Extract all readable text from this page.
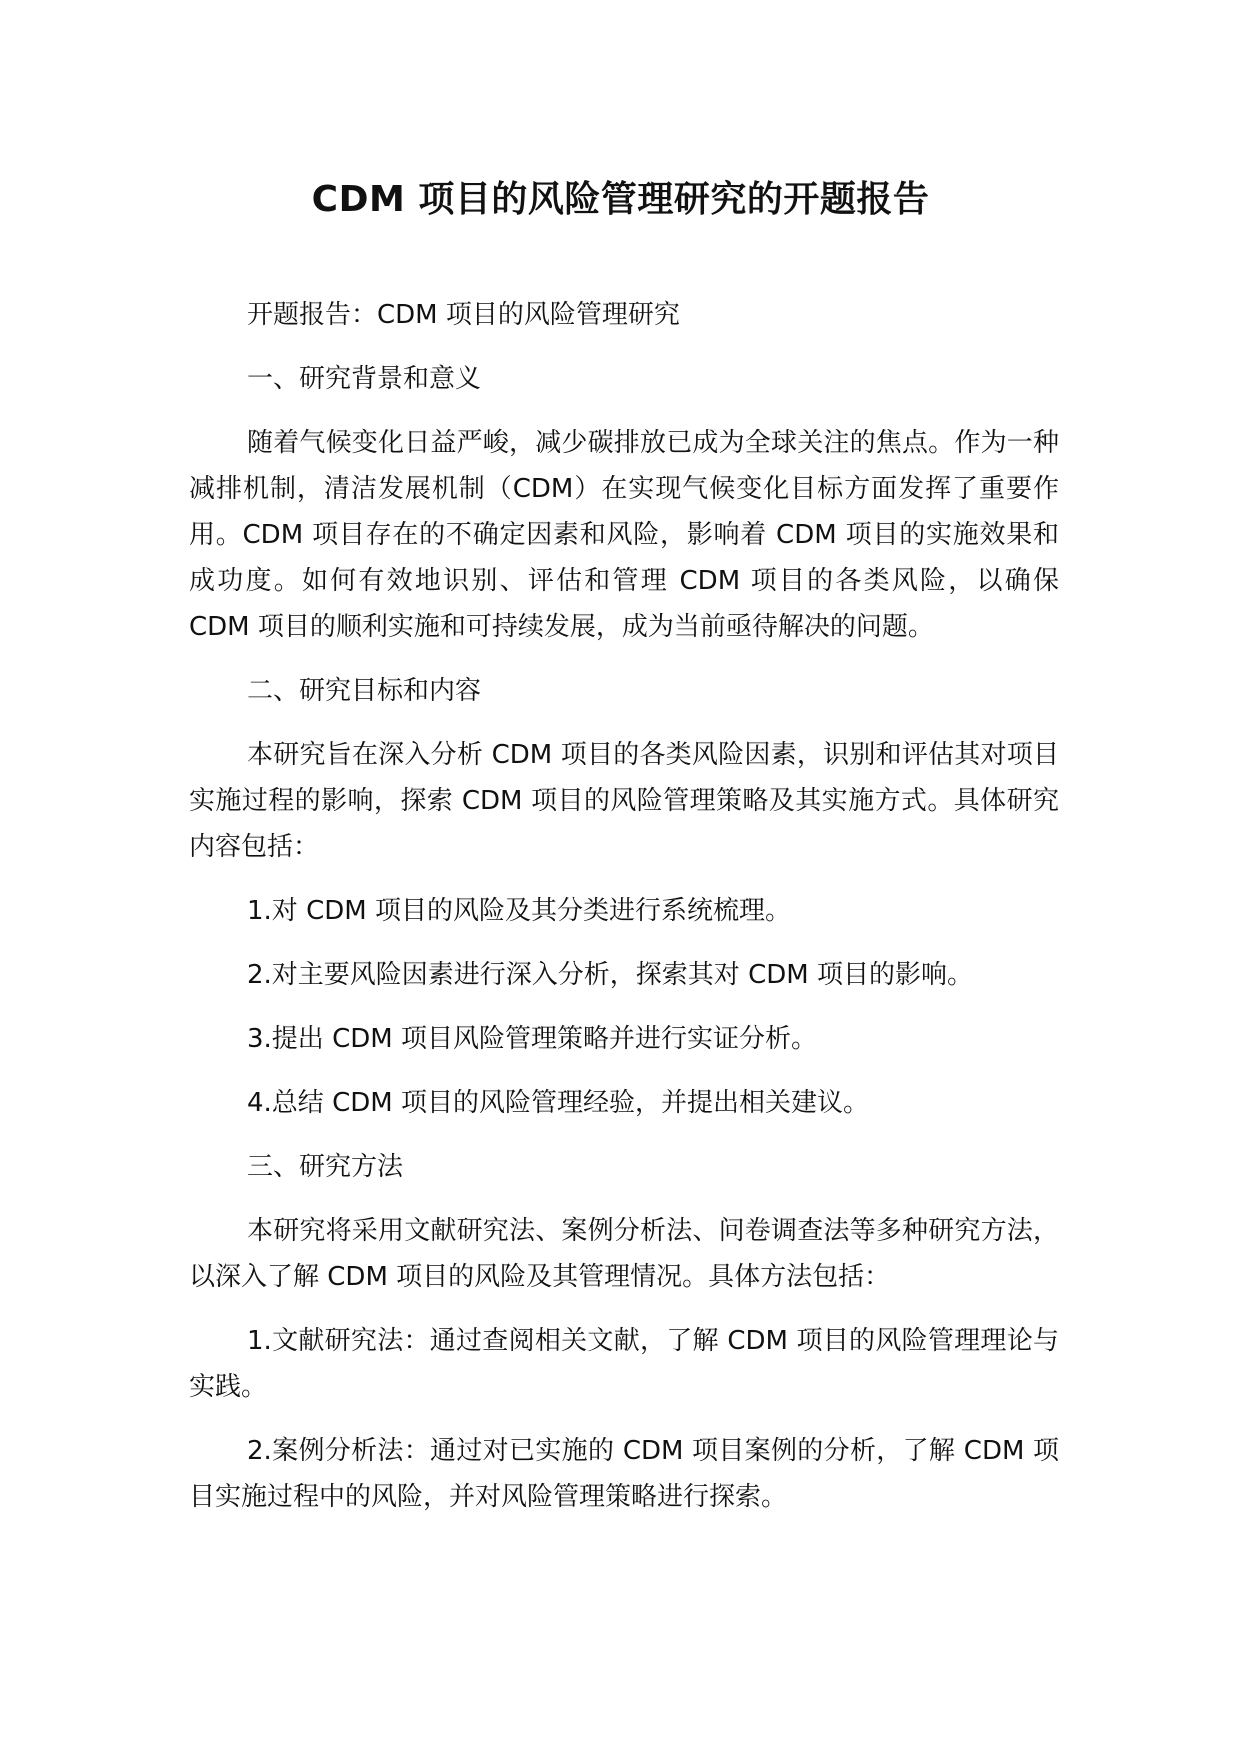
CDM 项目的风险管理研究的开题报告

开题报告：CDM 项目的风险管理研究

一、研究背景和意义

随着气候变化日益严峻，减少碳排放已成为全球关注的焦点。作为一种减排机制，清洁发展机制（CDM）在实现气候变化目标方面发挥了重要作用。CDM 项目存在的不确定因素和风险，影响着 CDM 项目的实施效果和成功度。如何有效地识别、评估和管理 CDM 项目的各类风险，以确保 CDM 项目的顺利实施和可持续发展，成为当前亟待解决的问题。

二、研究目标和内容

本研究旨在深入分析 CDM 项目的各类风险因素，识别和评估其对项目实施过程的影响，探索 CDM 项目的风险管理策略及其实施方式。具体研究内容包括：

1.对 CDM 项目的风险及其分类进行系统梳理。

2.对主要风险因素进行深入分析，探索其对 CDM 项目的影响。

3.提出 CDM 项目风险管理策略并进行实证分析。

4.总结 CDM 项目的风险管理经验，并提出相关建议。

三、研究方法

本研究将采用文献研究法、案例分析法、问卷调查法等多种研究方法，以深入了解 CDM 项目的风险及其管理情况。具体方法包括：

1.文献研究法：通过查阅相关文献，了解 CDM 项目的风险管理理论与实践。

2.案例分析法：通过对已实施的 CDM 项目案例的分析，了解 CDM 项目实施过程中的风险，并对风险管理策略进行探索。
